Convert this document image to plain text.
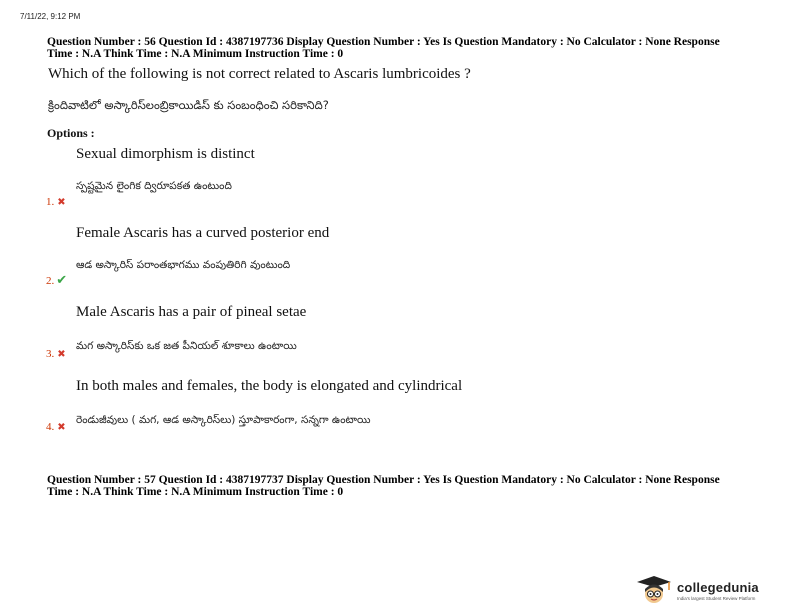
7/11/22, 9:12 PM
Question Number : 56 Question Id : 4387197736 Display Question Number : Yes Is Question Mandatory : No Calculator : None Response
Time : N.A Think Time : N.A Minimum Instruction Time : 0
Which of the following is not correct related to Ascaris lumbricoides ?
క్రిందివాటిలో అస్కారిస్‌లంబ్రికాయిడిస్ కు సంబంధించి సరికానిది?
Options :
Sexual dimorphism is distinct
స్పష్టమైన లైంగిక ద్విరూపకత ఉంటుంది
1. ✖
Female Ascaris has a curved posterior end
ఆడ అస్కారిస్ పరాంతభాగము వంపుతిరిగి వుంటుంది
2. ✔
Male Ascaris has a pair of pineal setae
మగ అస్కారిస్‌కు ఒక జత పీనియల్ శూకాలు ఉంటాయి
3. ✖
In both males and females, the body is elongated and cylindrical
రెండుజీవులు ( మగ, ఆడ అస్కారిస్‌లు) స్తూపాకారంగా, సన్నగా ఉంటాయి
4. ✖
Question Number : 57 Question Id : 4387197737 Display Question Number : Yes Is Question Mandatory : No Calculator : None Response
Time : N.A Think Time : N.A Minimum Instruction Time : 0
collegedunia
India's largest Student Review Platform
